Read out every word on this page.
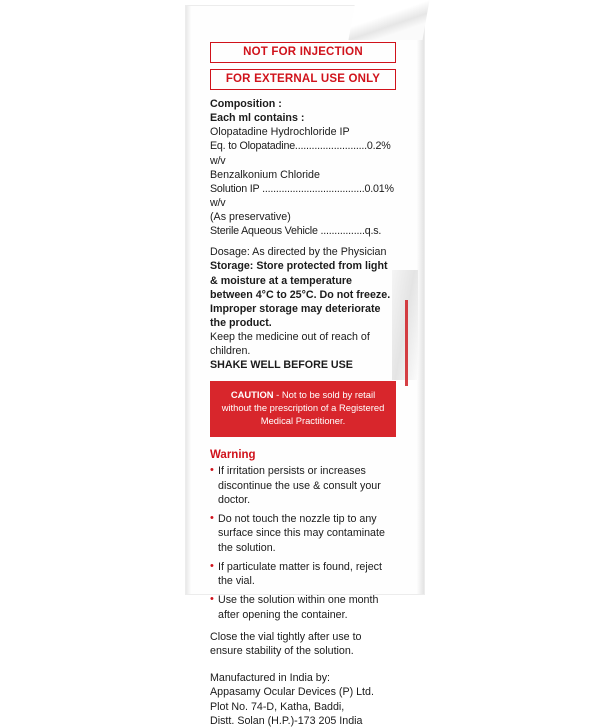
NOT FOR INJECTION
FOR EXTERNAL USE ONLY
Composition :
Each ml contains :
Olopatadine Hydrochloride IP
Eq. to Olopatadine..........................0.2% w/v
Benzalkonium Chloride
Solution IP .....................................0.01% w/v
(As preservative)
Sterile Aqueous Vehicle ................q.s.
Dosage: As directed by the Physician
Storage: Store protected from light & moisture at a temperature between 4°C to 25°C. Do not freeze.
Improper storage may deteriorate the product.
Keep the medicine out of reach of children.
SHAKE WELL BEFORE USE
CAUTION - Not to be sold by retail without the prescription of a Registered Medical Practitioner.
Warning
• If irritation persists or increases discontinue the use & consult your doctor.
• Do not touch the nozzle tip to any surface since this may contaminate the solution.
• If particulate matter is found, reject the vial.
• Use the solution within one month after opening the container.
Close the vial tightly after use to ensure stability of the solution.
Manufactured in India by:
Appasamy Ocular Devices (P) Ltd.
Plot No. 74-D, Katha, Baddi,
Distt. Solan (H.P.)-173 205 India
